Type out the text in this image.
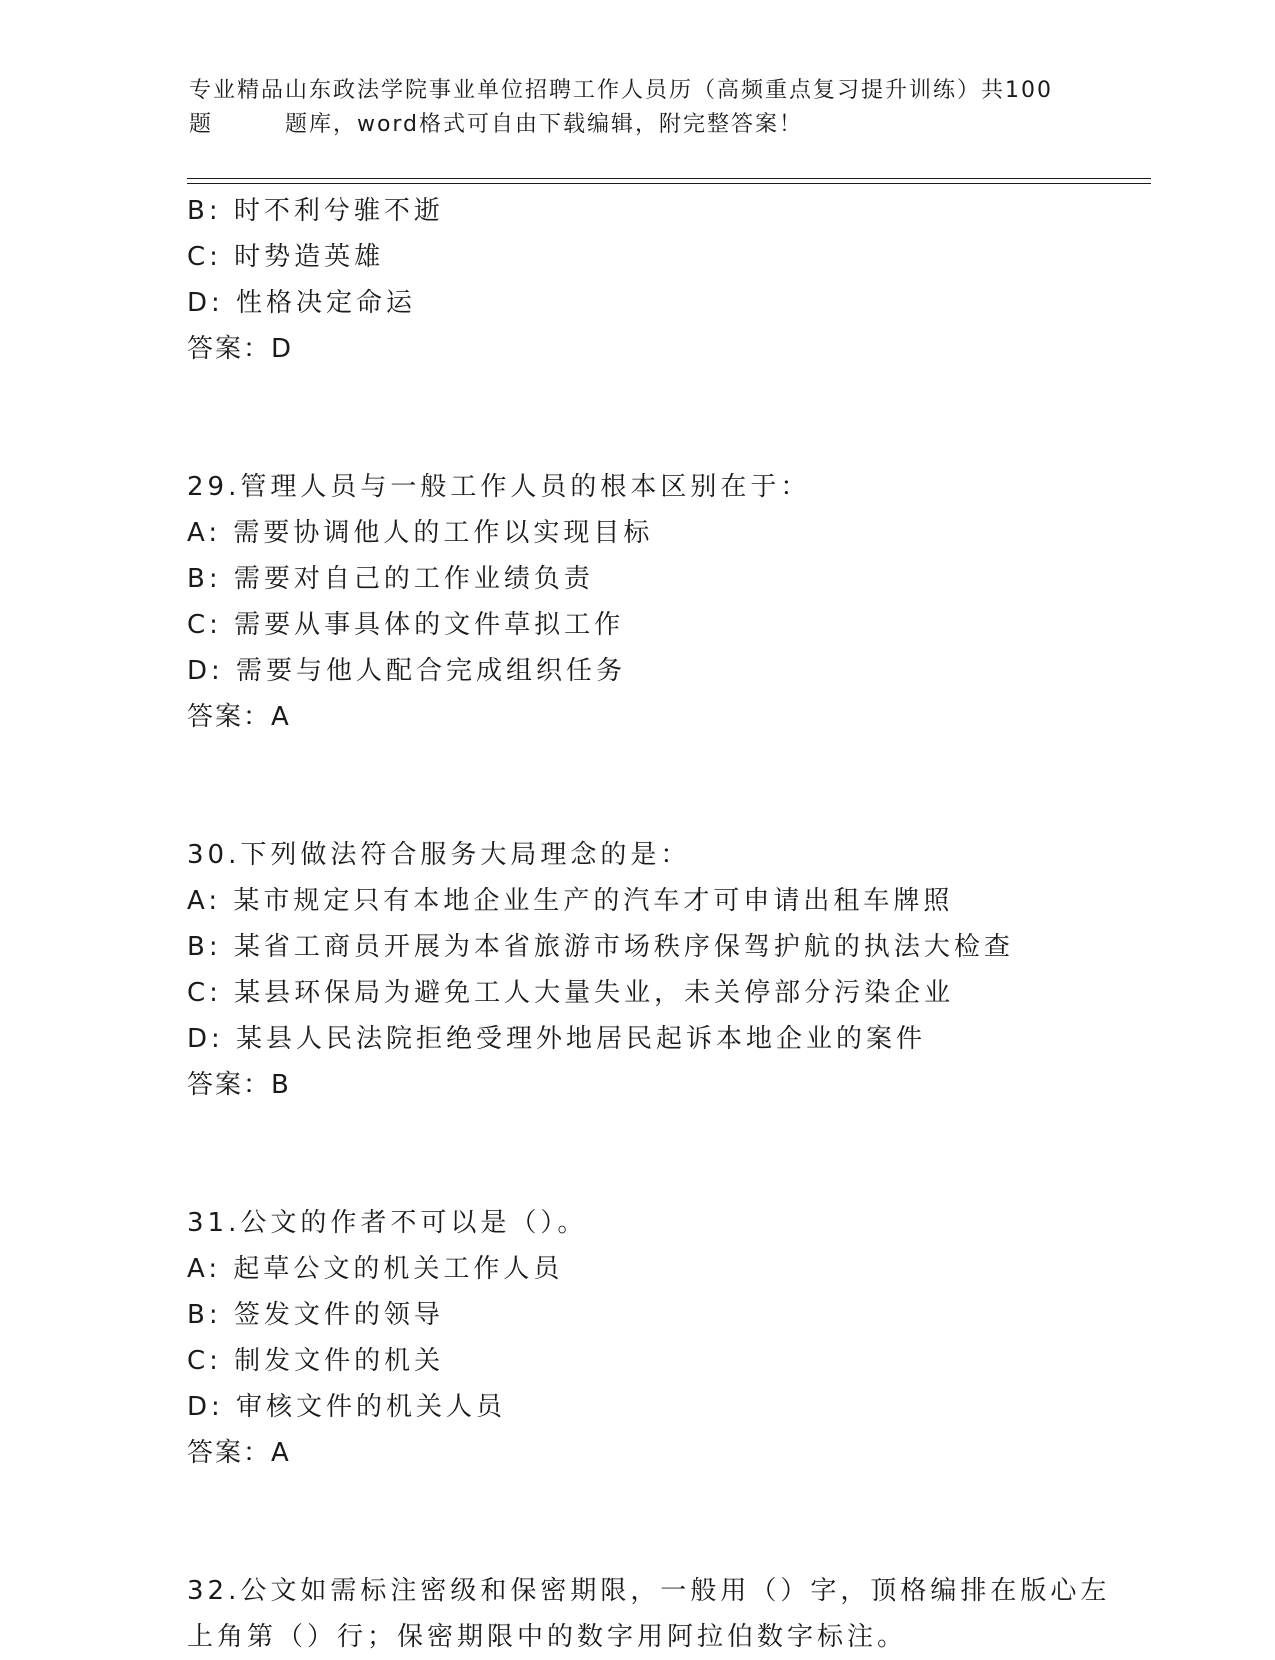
专业精品山东政法学院事业单位招聘工作人员历（高频重点复习提升训练）共100
题        题库，word格式可自由下载编辑，附完整答案！
B: 时不利兮骓不逝
C: 时势造英雄
D: 性格决定命运
答案：D
29.管理人员与一般工作人员的根本区别在于：
A: 需要协调他人的工作以实现目标
B: 需要对自己的工作业绩负责
C: 需要从事具体的文件草拟工作
D: 需要与他人配合完成组织任务
答案：A
30.下列做法符合服务大局理念的是：
A: 某市规定只有本地企业生产的汽车才可申请出租车牌照
B: 某省工商员开展为本省旅游市场秩序保驾护航的执法大检查
C: 某县环保局为避免工人大量失业，未关停部分污染企业
D: 某县人民法院拒绝受理外地居民起诉本地企业的案件
答案：B
31.公文的作者不可以是（）。
A: 起草公文的机关工作人员
B: 签发文件的领导
C: 制发文件的机关
D: 审核文件的机关人员
答案：A
32.公文如需标注密级和保密期限，一般用（）字，顶格编排在版心左
上角第（）行；保密期限中的数字用阿拉伯数字标注。
